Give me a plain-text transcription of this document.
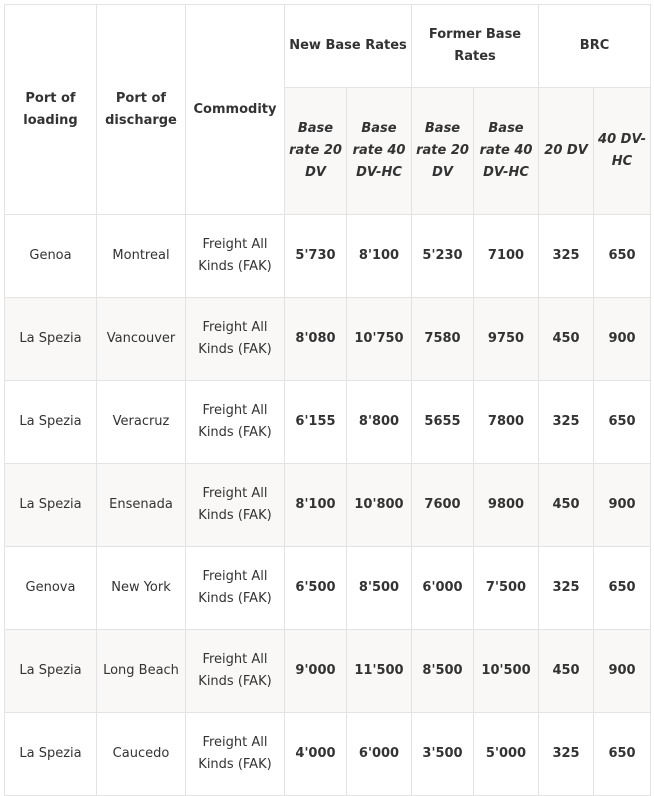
Port of loading	Port of discharge	Commodity	New Base Rates		Former Base Rates		BRC	
			Base rate 20 DV	Base rate 40 DV-HC	Base rate 20 DV	Base rate 40 DV-HC	20 DV	40 DV-HC
Genoa	Montreal	Freight All Kinds (FAK)	5'730	8'100	5'230	7100	325	650
La Spezia	Vancouver	Freight All Kinds (FAK)	8'080	10'750	7580	9750	450	900
La Spezia	Veracruz	Freight All Kinds (FAK)	6'155	8'800	5655	7800	325	650
La Spezia	Ensenada	Freight All Kinds (FAK)	8'100	10'800	7600	9800	450	900
Genova	New York	Freight All Kinds (FAK)	6'500	8'500	6'000	7'500	325	650
La Spezia	Long Beach	Freight All Kinds (FAK)	9'000	11'500	8'500	10'500	450	900
La Spezia	Caucedo	Freight All Kinds (FAK)	4'000	6'000	3'500	5'000	325	650
